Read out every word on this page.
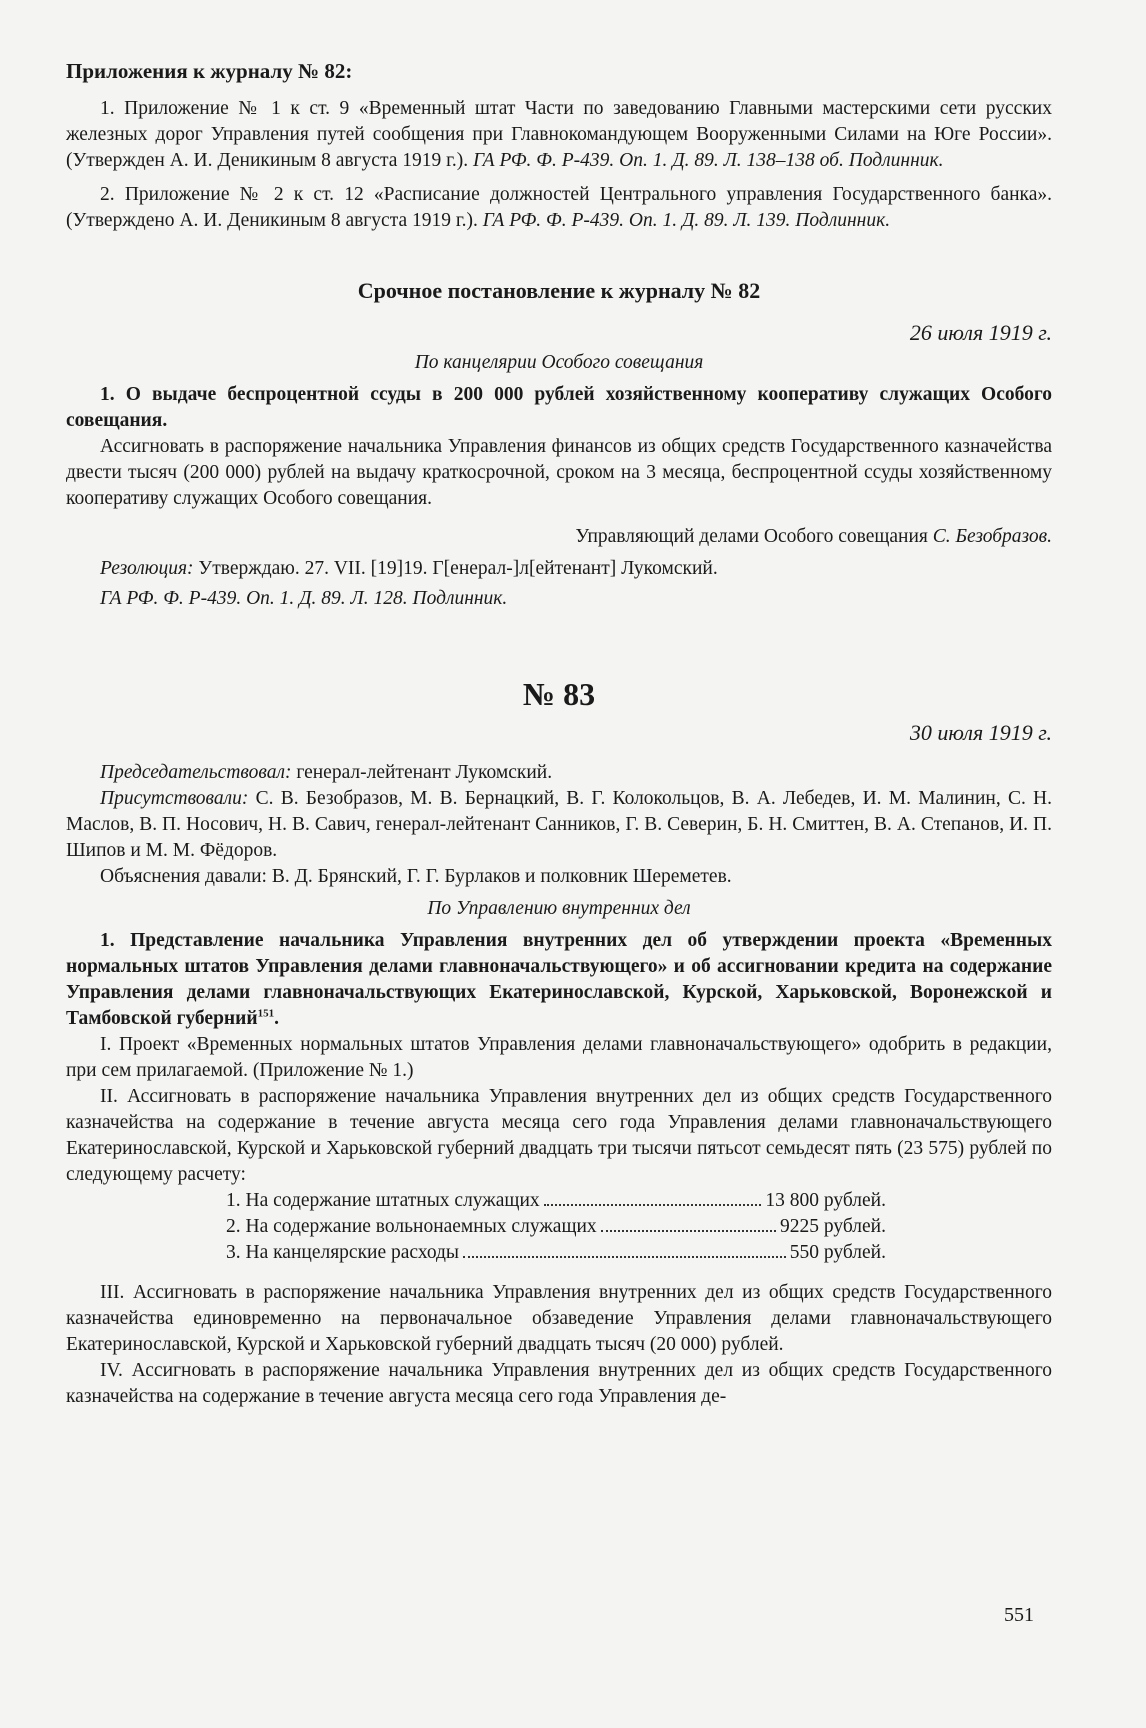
Приложения к журналу № 82:

1. Приложение № 1 к ст. 9 «Временный штат Части по заведованию Главными мастерскими сети русских железных дорог Управления путей сообщения при Главнокомандующем Вооруженными Силами на Юге России». (Утвержден А. И. Деникиным 8 августа 1919 г.). ГА РФ. Ф. Р-439. Оп. 1. Д. 89. Л. 138–138 об. Подлинник.

2. Приложение № 2 к ст. 12 «Расписание должностей Центрального управления Государственного банка». (Утверждено А. И. Деникиным 8 августа 1919 г.). ГА РФ. Ф. Р-439. Оп. 1. Д. 89. Л. 139. Подлинник.

Срочное постановление к журналу № 82

26 июля 1919 г.

По канцелярии Особого совещания

1. О выдаче беспроцентной ссуды в 200 000 рублей хозяйственному кооперативу служащих Особого совещания.

Ассигновать в распоряжение начальника Управления финансов из общих средств Государственного казначейства двести тысяч (200 000) рублей на выдачу краткосрочной, сроком на 3 месяца, беспроцентной ссуды хозяйственному кооперативу служащих Особого совещания.

Управляющий делами Особого совещания С. Безобразов.

Резолюция: Утверждаю. 27. VII. [19]19. Г[енерал-]л[ейтенант] Лукомский.

ГА РФ. Ф. Р-439. Оп. 1. Д. 89. Л. 128. Подлинник.

№ 83

30 июля 1919 г.

Председательствовал: генерал-лейтенант Лукомский.

Присутствовали: С. В. Безобразов, М. В. Бернацкий, В. Г. Колокольцов, В. А. Лебедев, И. М. Малинин, С. Н. Маслов, В. П. Носович, Н. В. Савич, генерал-лейтенант Санников, Г. В. Северин, Б. Н. Смиттен, В. А. Степанов, И. П. Шипов и М. М. Фёдоров.

Объяснения давали: В. Д. Брянский, Г. Г. Бурлаков и полковник Шереметев.

По Управлению внутренних дел

1. Представление начальника Управления внутренних дел об утверждении проекта «Временных нормальных штатов Управления делами главноначальствующего» и об ассигновании кредита на содержание Управления делами главноначальствующих Екатеринославской, Курской, Харьковской, Воронежской и Тамбовской губерний$^{151}$.

I. Проект «Временных нормальных штатов Управления делами главноначальствующего» одобрить в редакции, при сем прилагаемой. (Приложение № 1.)

II. Ассигновать в распоряжение начальника Управления внутренних дел из общих средств Государственного казначейства на содержание в течение августа месяца сего года Управления делами главноначальствующего Екатеринославской, Курской и Харьковской губерний двадцать три тысячи пятьсот семьдесят пять (23 575) рублей по следующему расчету:

1. На содержание штатных служащих	13 800 рублей.
2. На содержание вольнонаемных служащих	9225 рублей.
3. На канцелярские расходы	550 рублей.

III. Ассигновать в распоряжение начальника Управления внутренних дел из общих средств Государственного казначейства единовременно на первоначальное обзаведение Управления делами главноначальствующего Екатеринославской, Курской и Харьковской губерний двадцать тысяч (20 000) рублей.

IV. Ассигновать в распоряжение начальника Управления внутренних дел из общих средств Государственного казначейства на содержание в течение августа месяца сего года Управления де-

551
